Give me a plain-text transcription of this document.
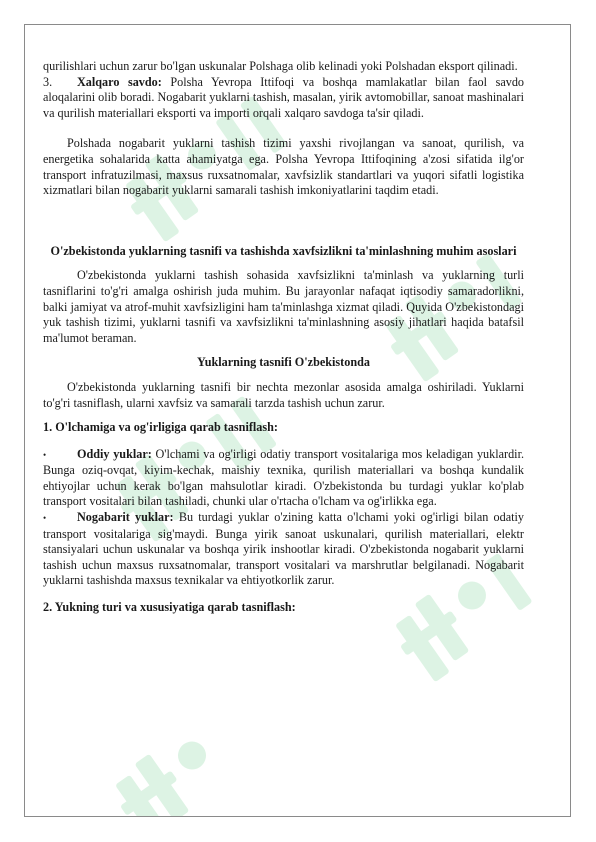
qurilishlari uchun zarur bo'lgan uskunalar Polshaga olib kelinadi yoki Polshadan eksport qilinadi.

3. Xalqaro savdo: Polsha Yevropa Ittifoqi va boshqa mamlakatlar bilan faol savdo aloqalarini olib boradi. Nogabarit yuklarni tashish, masalan, yirik avtomobillar, sanoat mashinalari va qurilish materiallari eksporti va importi orqali xalqaro savdoga ta'sir qiladi.

Polshada nogabarit yuklarni tashish tizimi yaxshi rivojlangan va sanoat, qurilish, va energetika sohalarida katta ahamiyatga ega. Polsha Yevropa Ittifoqining a'zosi sifatida ilg'or transport infratuzilmasi, maxsus ruxsatnomalar, xavfsizlik standartlari va yuqori sifatli logistika xizmatlari bilan nogabarit yuklarni samarali tashish imkoniyatlarini taqdim etadi.

O'zbekistonda yuklarning tasnifi va tashishda xavfsizlikni ta'minlashning muhim asoslari

O'zbekistonda yuklarni tashish sohasida xavfsizlikni ta'minlash va yuklarning turli tasniflarini to'g'ri amalga oshirish juda muhim. Bu jarayonlar nafaqat iqtisodiy samaradorlikni, balki jamiyat va atrof-muhit xavfsizligini ham ta'minlashga xizmat qiladi. Quyida O'zbekistondagi yuk tashish tizimi, yuklarni tasnifi va xavfsizlikni ta'minlashning asosiy jihatlari haqida batafsil ma'lumot beraman.

Yuklarning tasnifi O'zbekistonda

O'zbekistonda yuklarning tasnifi bir nechta mezonlar asosida amalga oshiriladi. Yuklarni to'g'ri tasniflash, ularni xavfsiz va samarali tarzda tashish uchun zarur.

1. O'lchamiga va og'irligiga qarab tasniflash:

•	Oddiy yuklar: O'lchami va og'irligi odatiy transport vositalariga mos keladigan yuklardir. Bunga oziq-ovqat, kiyim-kechak, maishiy texnika, qurilish materiallari va boshqa kundalik ehtiyojlar uchun kerak bo'lgan mahsulotlar kiradi. O'zbekistonda bu turdagi yuklar ko'plab transport vositalari bilan tashiladi, chunki ular o'rtacha o'lcham va og'irlikka ega.
•	Nogabarit yuklar: Bu turdagi yuklar o'zining katta o'lchami yoki og'irligi bilan odatiy transport vositalariga sig'maydi. Bunga yirik sanoat uskunalari, qurilish materiallari, elektr stansiyalari uchun uskunalar va boshqa yirik inshootlar kiradi. O'zbekistonda nogabarit yuklarni tashish uchun maxsus ruxsatnomalar, transport vositalari va marshrutlar belgilanadi. Nogabarit yuklarni tashishda maxsus texnikalar va ehtiyotkorlik zarur.

2. Yukning turi va xususiyatiga qarab tasniflash:
